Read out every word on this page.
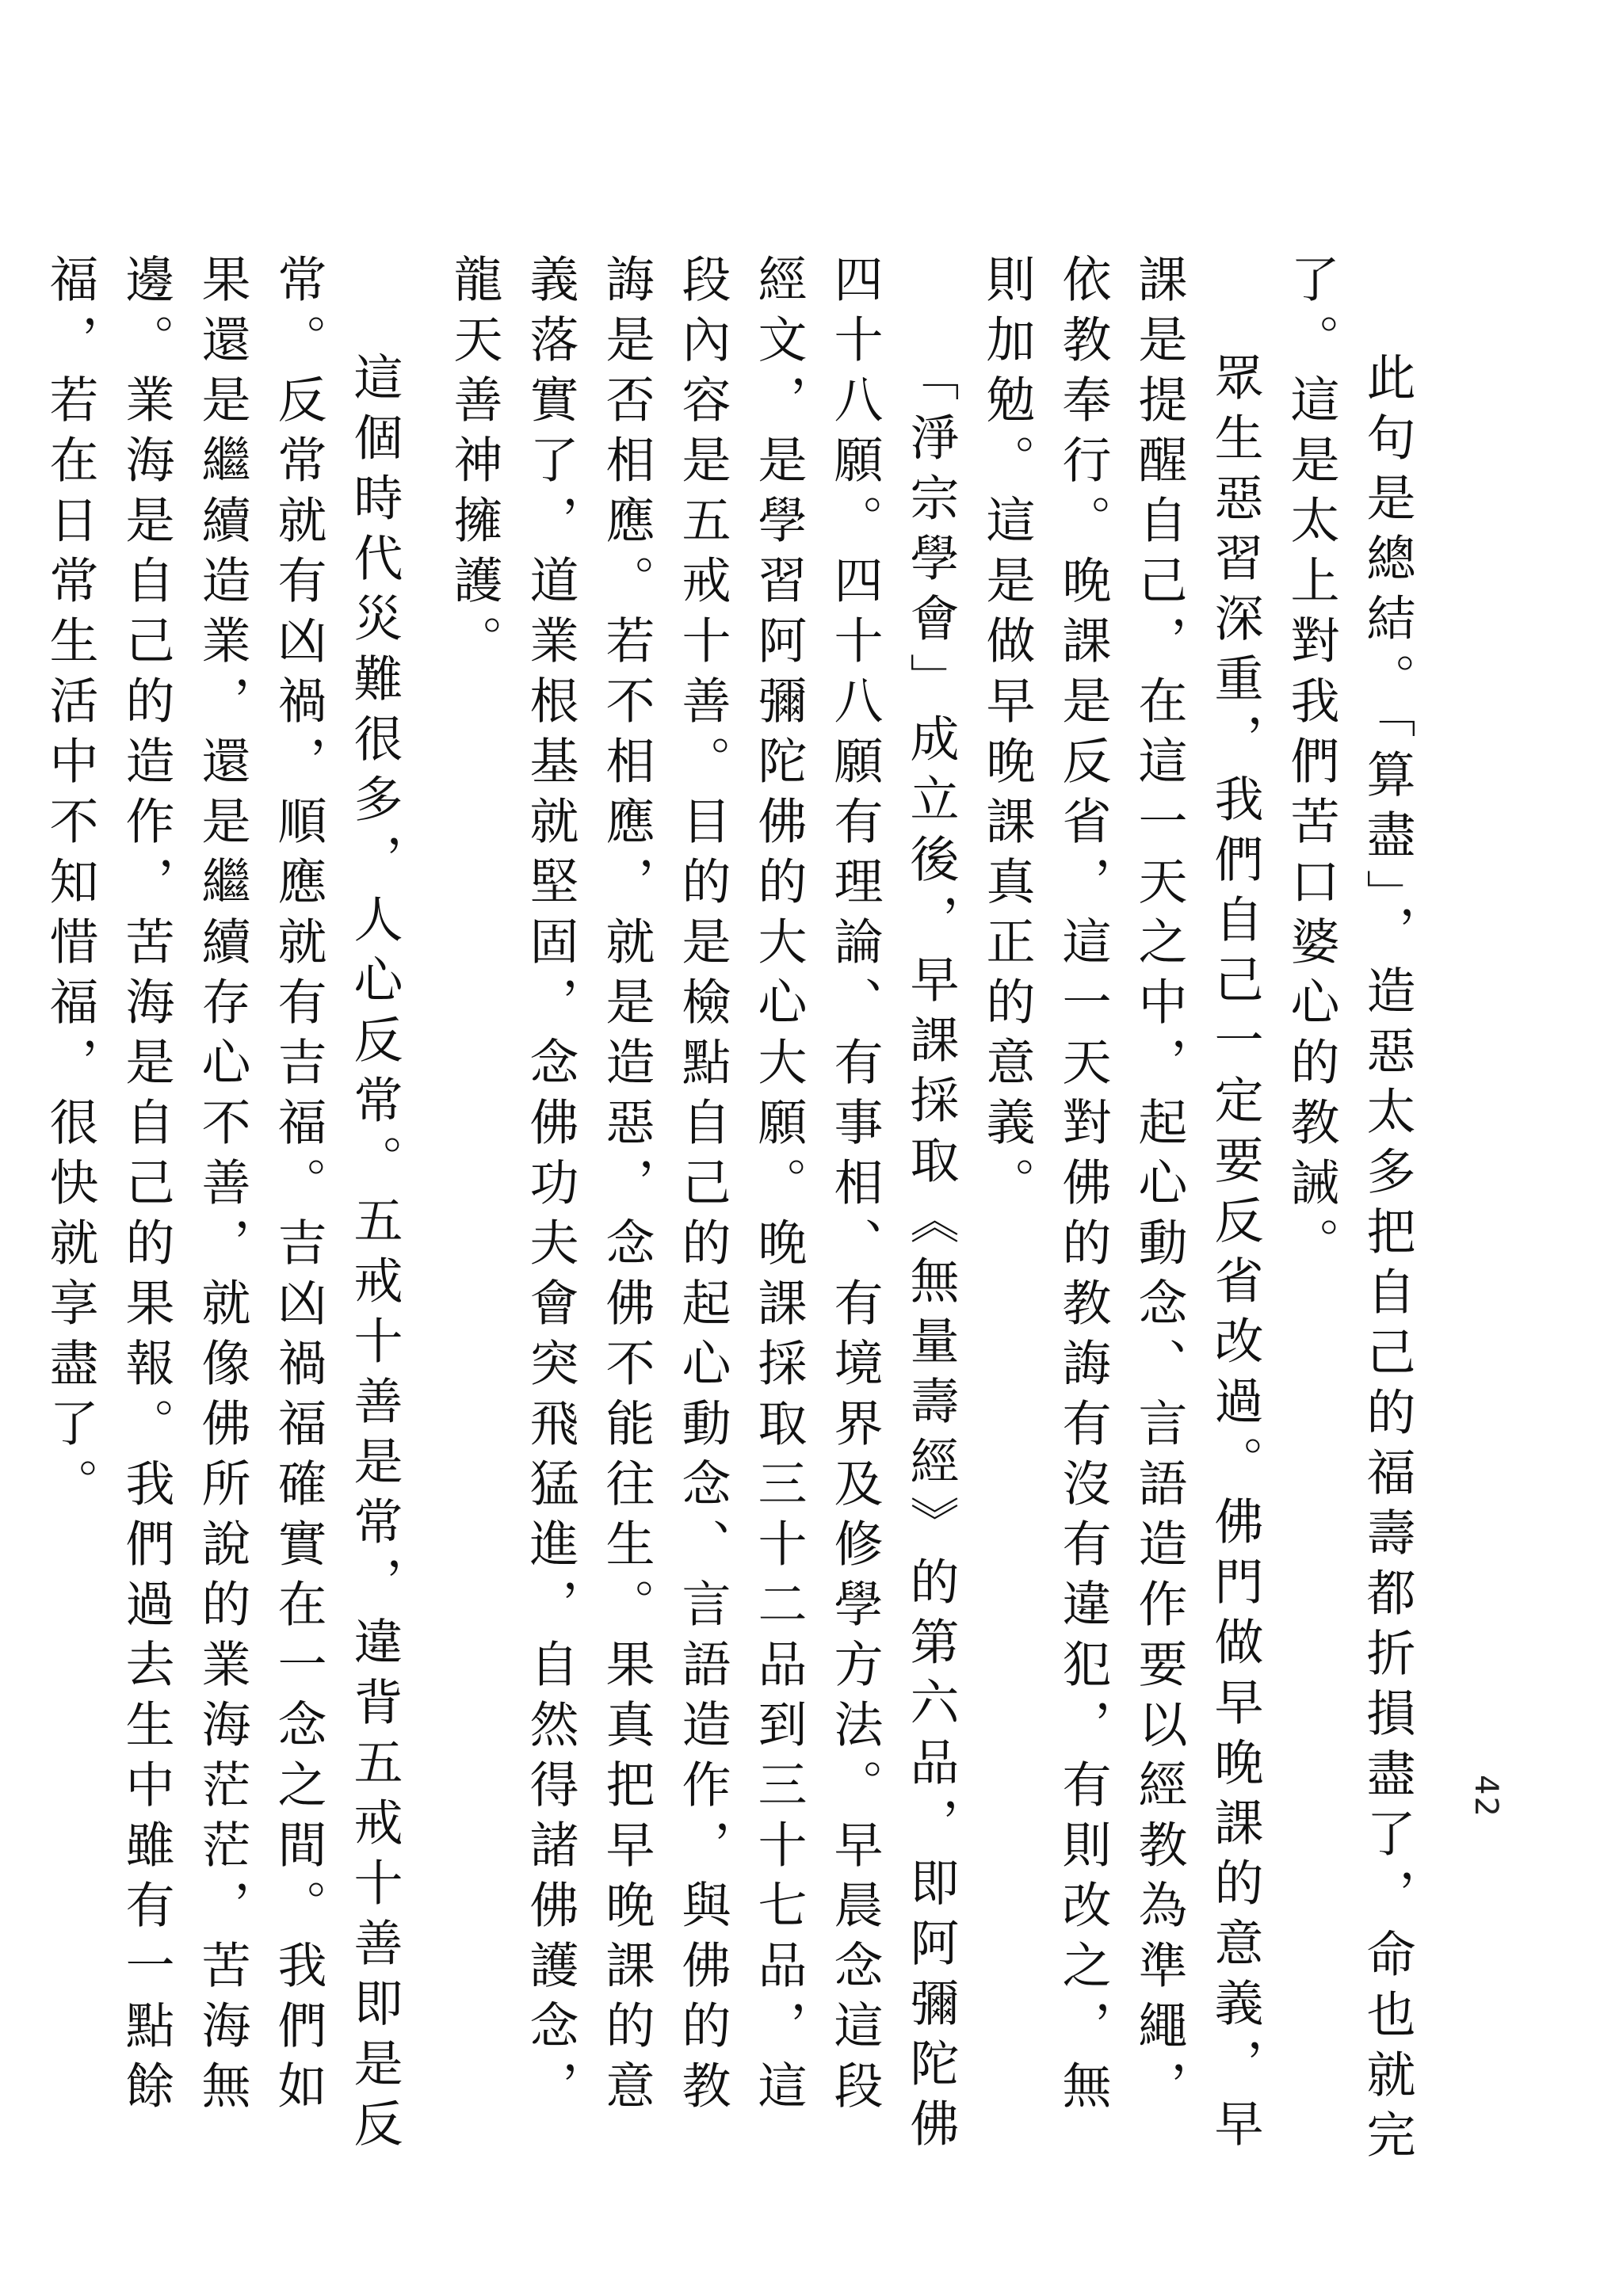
42

此句是總結。「算盡」，造惡太多把自己的福壽都折損盡了，命也就完了。這是太上對我們苦口婆心的教誡。

眾生惡習深重，我們自己一定要反省改過。佛門做早晚課的意義，早課是提醒自己，在這一天之中，起心動念、言語造作要以經教為準繩，依教奉行。晚課是反省，這一天對佛的教誨有沒有違犯，有則改之，無則加勉。這是做早晚課真正的意義。

「淨宗學會」成立後，早課採取《無量壽經》的第六品，即阿彌陀佛四十八願。四十八願有理論、有事相、有境界及修學方法。早晨念這段經文，是學習阿彌陀佛的大心大願。晚課採取三十二品到三十七品，這段內容是五戒十善。目的是檢點自己的起心動念、言語造作，與佛的教誨是否相應。若不相應，就是造惡，念佛不能往生。果真把早晚課的意義落實了，道業根基就堅固，念佛功夫會突飛猛進，自然得諸佛護念，龍天善神擁護。

這個時代災難很多，人心反常。五戒十善是常，違背五戒十善即是反常。反常就有凶禍，順應就有吉福。吉凶禍福確實在一念之間。我們如果還是繼續造業，還是繼續存心不善，就像佛所說的業海茫茫，苦海無邊。業海是自己的造作，苦海是自己的果報。我們過去生中雖有一點餘福，若在日常生活中不知惜福，很快就享盡了。
